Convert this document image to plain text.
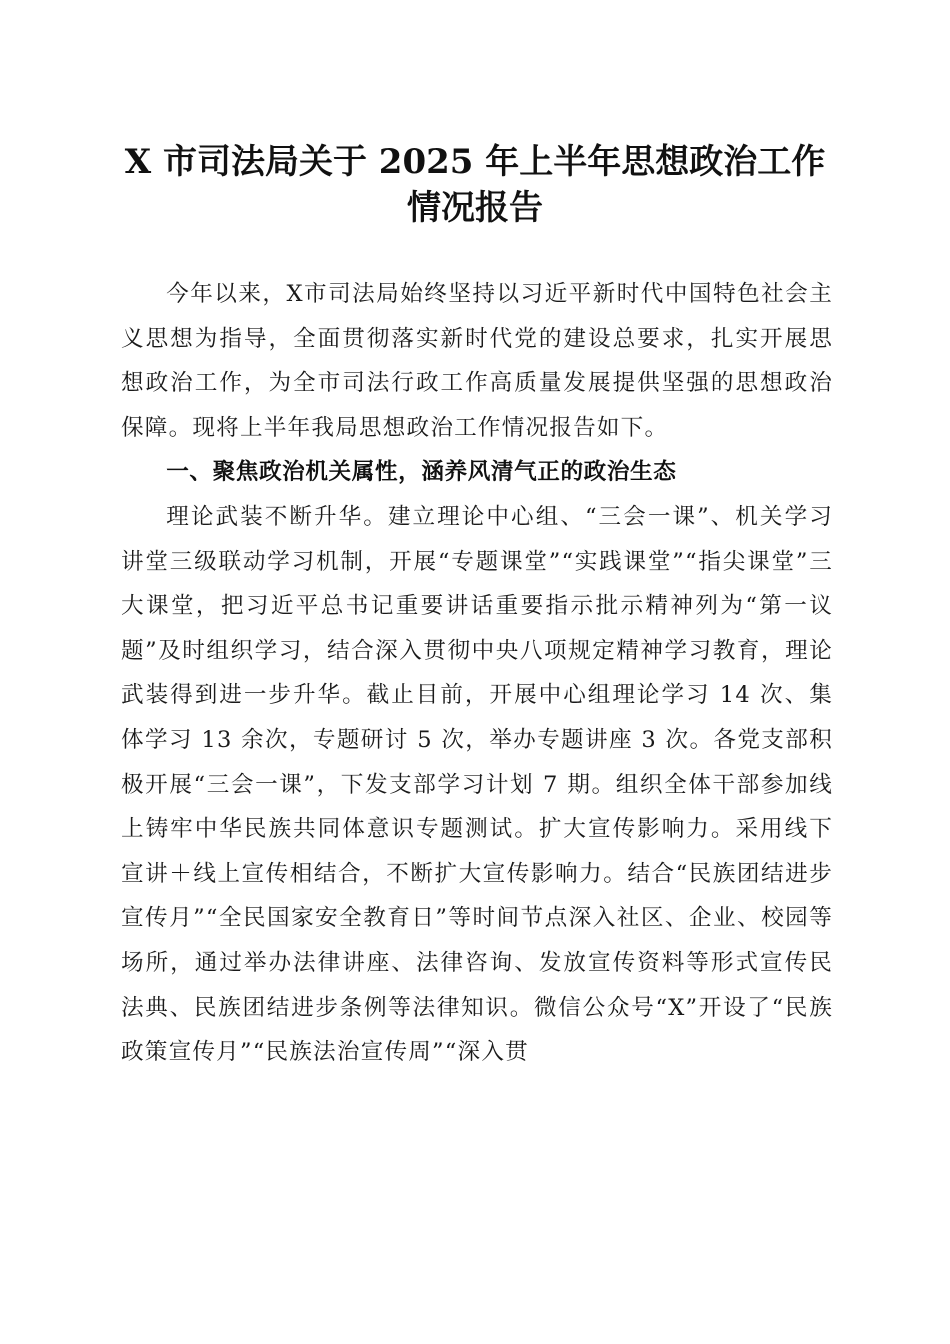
X 市司法局关于 2025 年上半年思想政治工作
情况报告

今年以来，X市司法局始终坚持以习近平新时代中国特色社会主义思想为指导，全面贯彻落实新时代党的建设总要求，扎实开展思想政治工作，为全市司法行政工作高质量发展提供坚强的思想政治保障。现将上半年我局思想政治工作情况报告如下。

一、聚焦政治机关属性，涵养风清气正的政治生态

理论武装不断升华。建立理论中心组、“三会一课”、机关学习讲堂三级联动学习机制，开展“专题课堂”“实践课堂”“指尖课堂”三大课堂，把习近平总书记重要讲话重要指示批示精神列为“第一议题”及时组织学习，结合深入贯彻中央八项规定精神学习教育，理论武装得到进一步升华。截止目前，开展中心组理论学习 14 次、集体学习 13 余次，专题研讨 5 次，举办专题讲座 3 次。各党支部积极开展“三会一课”，下发支部学习计划 7 期。组织全体干部参加线上铸牢中华民族共同体意识专题测试。扩大宣传影响力。采用线下宣讲＋线上宣传相结合，不断扩大宣传影响力。结合“民族团结进步宣传月”“全民国家安全教育日”等时间节点深入社区、企业、校园等场所，通过举办法律讲座、法律咨询、发放宣传资料等形式宣传民法典、民族团结进步条例等法律知识。微信公众号“X”开设了“民族政策宣传月”“民族法治宣传周”“深入贯
